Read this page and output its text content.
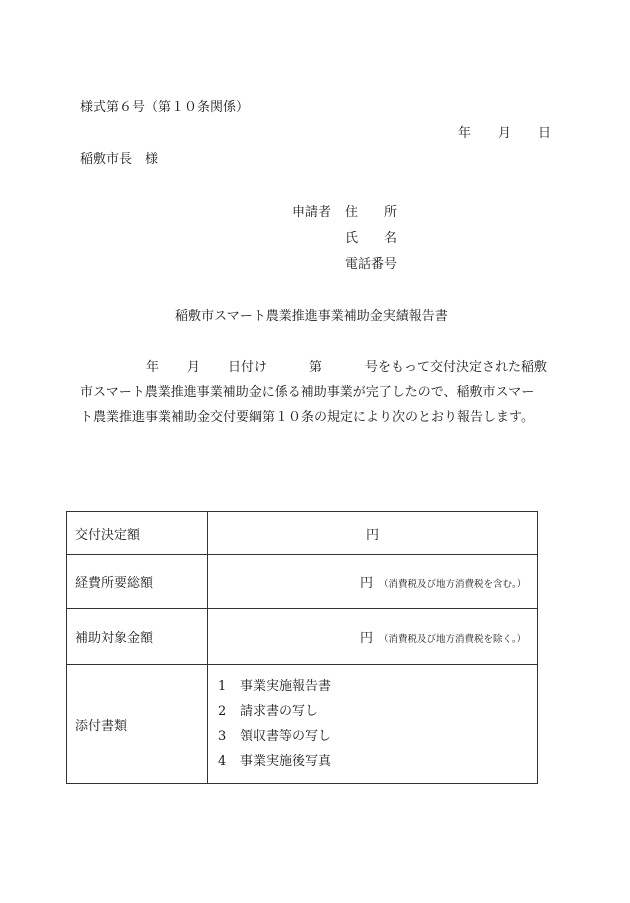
様式第６号（第１０条関係）
年 月 日
稲敷市長　様
申請者 住　　所
氏　　名
電話番号
稲敷市スマート農業推進事業補助金実績報告書
年 月 日付け	第	号をもって交付決定された稲敷
市スマート農業推進事業補助金に係る補助事業が完了したので、稲敷市スマー
ト農業推進事業補助金交付要綱第１０条の規定により次のとおり報告します。
交付決定額	円
経費所要総額	円 （消費税及び地方消費税を含む。）
補助対象金額	円 （消費税及び地方消費税を除く。）
添付書類	1 事業実施報告書
2 請求書の写し
3 領収書等の写し
4 事業実施後写真
